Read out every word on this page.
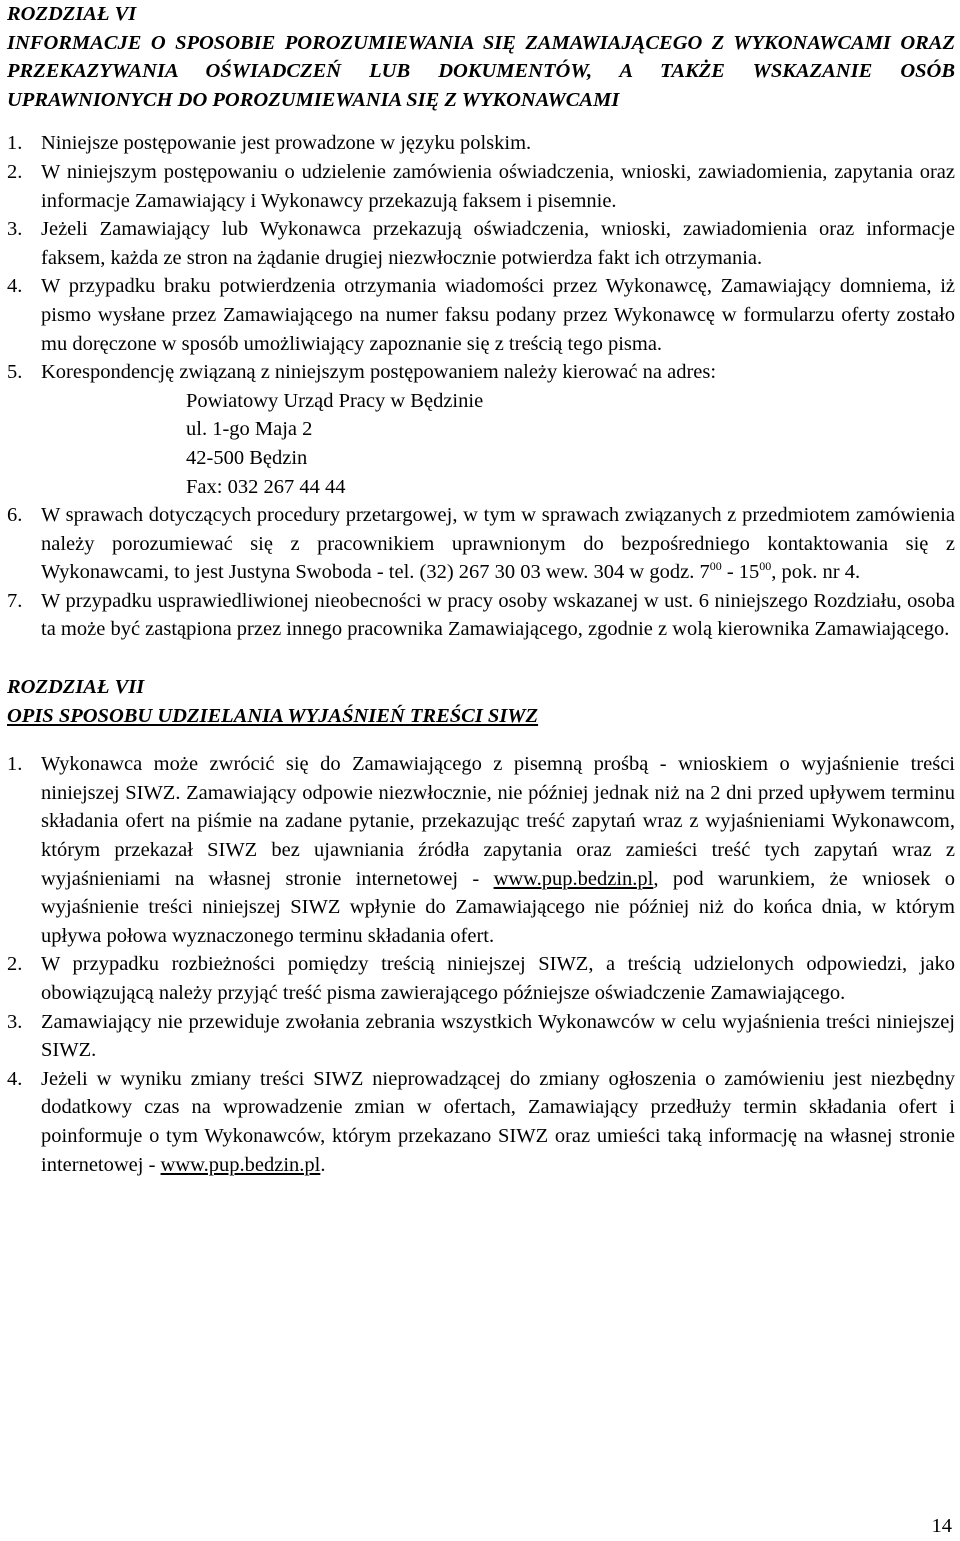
ROZDZIAŁ VI
INFORMACJE O SPOSOBIE POROZUMIEWANIA SIĘ ZAMAWIAJĄCEGO Z WYKONAWCAMI ORAZ PRZEKAZYWANIA OŚWIADCZEŃ LUB DOKUMENTÓW, A TAKŻE WSKAZANIE OSÓB UPRAWNIONYCH DO POROZUMIEWANIA SIĘ Z WYKONAWCAMI
1. Niniejsze postępowanie jest prowadzone w języku polskim.
2. W niniejszym postępowaniu o udzielenie zamówienia oświadczenia, wnioski, zawiadomienia, zapytania oraz informacje Zamawiający i Wykonawcy przekazują faksem i pisemnie.
3. Jeżeli Zamawiający lub Wykonawca przekazują oświadczenia, wnioski, zawiadomienia oraz informacje faksem, każda ze stron na żądanie drugiej niezwłocznie potwierdza fakt ich otrzymania.
4. W przypadku braku potwierdzenia otrzymania wiadomości przez Wykonawcę, Zamawiający domniema, iż pismo wysłane przez Zamawiającego na numer faksu podany przez Wykonawcę w formularzu oferty zostało mu doręczone w sposób umożliwiający zapoznanie się z treścią tego pisma.
5. Korespondencję związaną z niniejszym postępowaniem należy kierować na adres:
Powiatowy Urząd Pracy w Będzinie
ul. 1-go Maja 2
42-500 Będzin
Fax: 032 267 44 44
6. W sprawach dotyczących procedury przetargowej, w tym w sprawach związanych z przedmiotem zamówienia należy porozumiewać się z pracownikiem uprawnionym do bezpośredniego kontaktowania się z Wykonawcami, to jest Justyna Swoboda - tel. (32) 267 30 03 wew. 304 w godz. $7^{00} - 15^{00}$, pok. nr 4.
7. W przypadku usprawiedliwionej nieobecności w pracy osoby wskazanej w ust. 6 niniejszego Rozdziału, osoba ta może być zastąpiona przez innego pracownika Zamawiającego, zgodnie z wolą kierownika Zamawiającego.
ROZDZIAŁ VII
OPIS SPOSOBU UDZIELANIA WYJAŚNIEŃ TREŚCI SIWZ
1. Wykonawca może zwrócić się do Zamawiającego z pisemną prośbą - wnioskiem o wyjaśnienie treści niniejszej SIWZ. Zamawiający odpowie niezwłocznie, nie później jednak niż na 2 dni przed upływem terminu składania ofert na piśmie na zadane pytanie, przekazując treść zapytań wraz z wyjaśnieniami Wykonawcom, którym przekazał SIWZ bez ujawniania źródła zapytania oraz zamieści treść tych zapytań wraz z wyjaśnieniami na własnej stronie internetowej - www.pup.bedzin.pl, pod warunkiem, że wniosek o wyjaśnienie treści niniejszej SIWZ wpłynie do Zamawiającego nie później niż do końca dnia, w którym upływa połowa wyznaczonego terminu składania ofert.
2. W przypadku rozbieżności pomiędzy treścią niniejszej SIWZ, a treścią udzielonych odpowiedzi, jako obowiązującą należy przyjąć treść pisma zawierającego późniejsze oświadczenie Zamawiającego.
3. Zamawiający nie przewiduje zwołania zebrania wszystkich Wykonawców w celu wyjaśnienia treści niniejszej SIWZ.
4. Jeżeli w wyniku zmiany treści SIWZ nieprowadzącej do zmiany ogłoszenia o zamówieniu jest niezbędny dodatkowy czas na wprowadzenie zmian w ofertach, Zamawiający przedłuży termin składania ofert i poinformuje o tym Wykonawców, którym przekazano SIWZ oraz umieści taką informację na własnej stronie internetowej - www.pup.bedzin.pl.
14
